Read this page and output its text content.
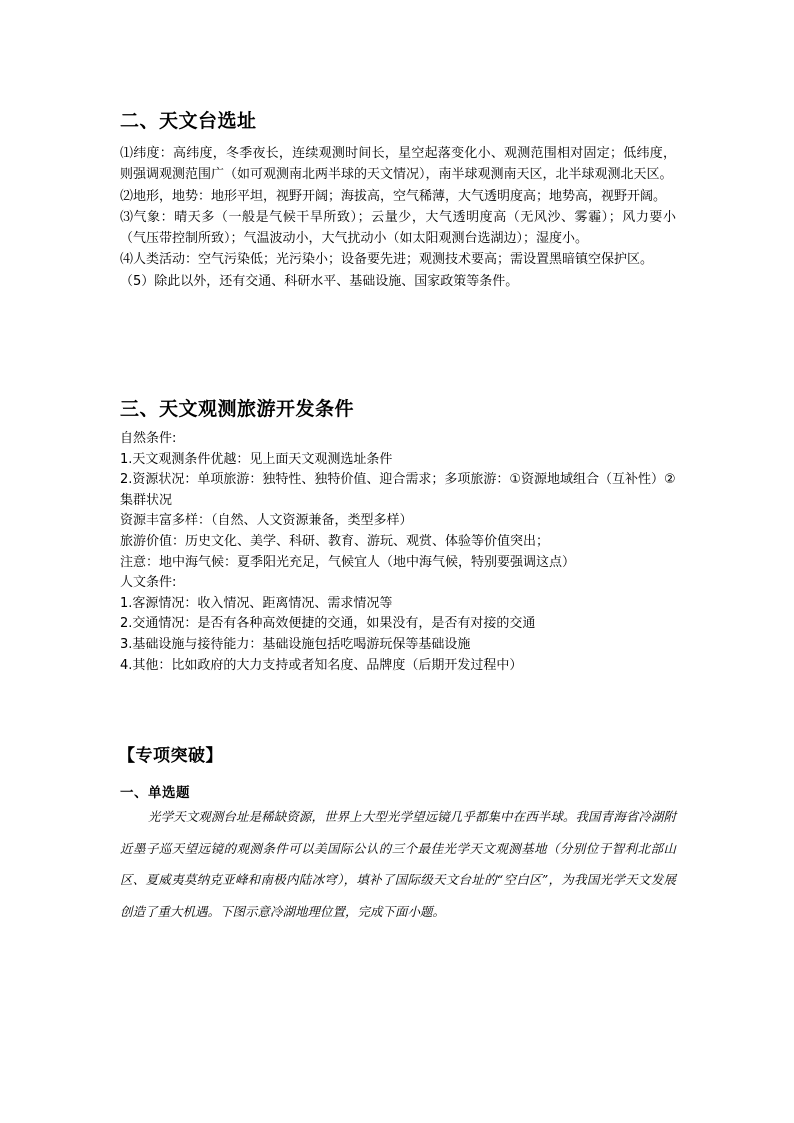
二、天文台选址

⑴纬度：高纬度，冬季夜长，连续观测时间长，星空起落变化小、观测范围相对固定；低纬度，则强调观测范围广（如可观测南北两半球的天文情况），南半球观测南天区，北半球观测北天区。

⑵地形，地势：地形平坦，视野开阔；海拔高，空气稀薄，大气透明度高；地势高，视野开阔。

⑶气象：晴天多（一般是气候干旱所致）；云量少，大气透明度高（无风沙、雾霾）；风力要小（气压带控制所致）；气温波动小，大气扰动小（如太阳观测台选湖边）；湿度小。

⑷人类活动：空气污染低；光污染小；设备要先进；观测技术要高；需设置黑暗镇空保护区。

（5）除此以外，还有交通、科研水平、基础设施、国家政策等条件。

三、天文观测旅游开发条件

自然条件:

1.天文观测条件优越：见上面天文观测选址条件

2.资源状况：单项旅游：独特性、独特价值、迎合需求；多项旅游：①资源地域组合（互补性）②集群状况

资源丰富多样：（自然、人文资源兼备，类型多样）

旅游价值：历史文化、美学、科研、教育、游玩、观赏、体验等价值突出；

注意：地中海气候：夏季阳光充足，气候宜人（地中海气候，特别要强调这点）

人文条件:

1.客源情况：收入情况、距离情况、需求情况等

2.交通情况：是否有各种高效便捷的交通，如果没有，是否有对接的交通

3.基础设施与接待能力：基础设施包括吃喝游玩保等基础设施

4.其他：比如政府的大力支持或者知名度、品牌度（后期开发过程中）

【专项突破】
一、单选题

光学天文观测台址是稀缺资源，世界上大型光学望远镜几乎都集中在西半球。我国青海省冷湖附近墨子巡天望远镜的观测条件可以美国际公认的三个最佳光学天文观测基地（分别位于智利北部山区、夏威夷莫纳克亚峰和南极内陆冰穹），填补了国际级天文台址的“空白区”，为我国光学天文发展创造了重大机遇。下图示意冷湖地理位置，完成下面小题。
